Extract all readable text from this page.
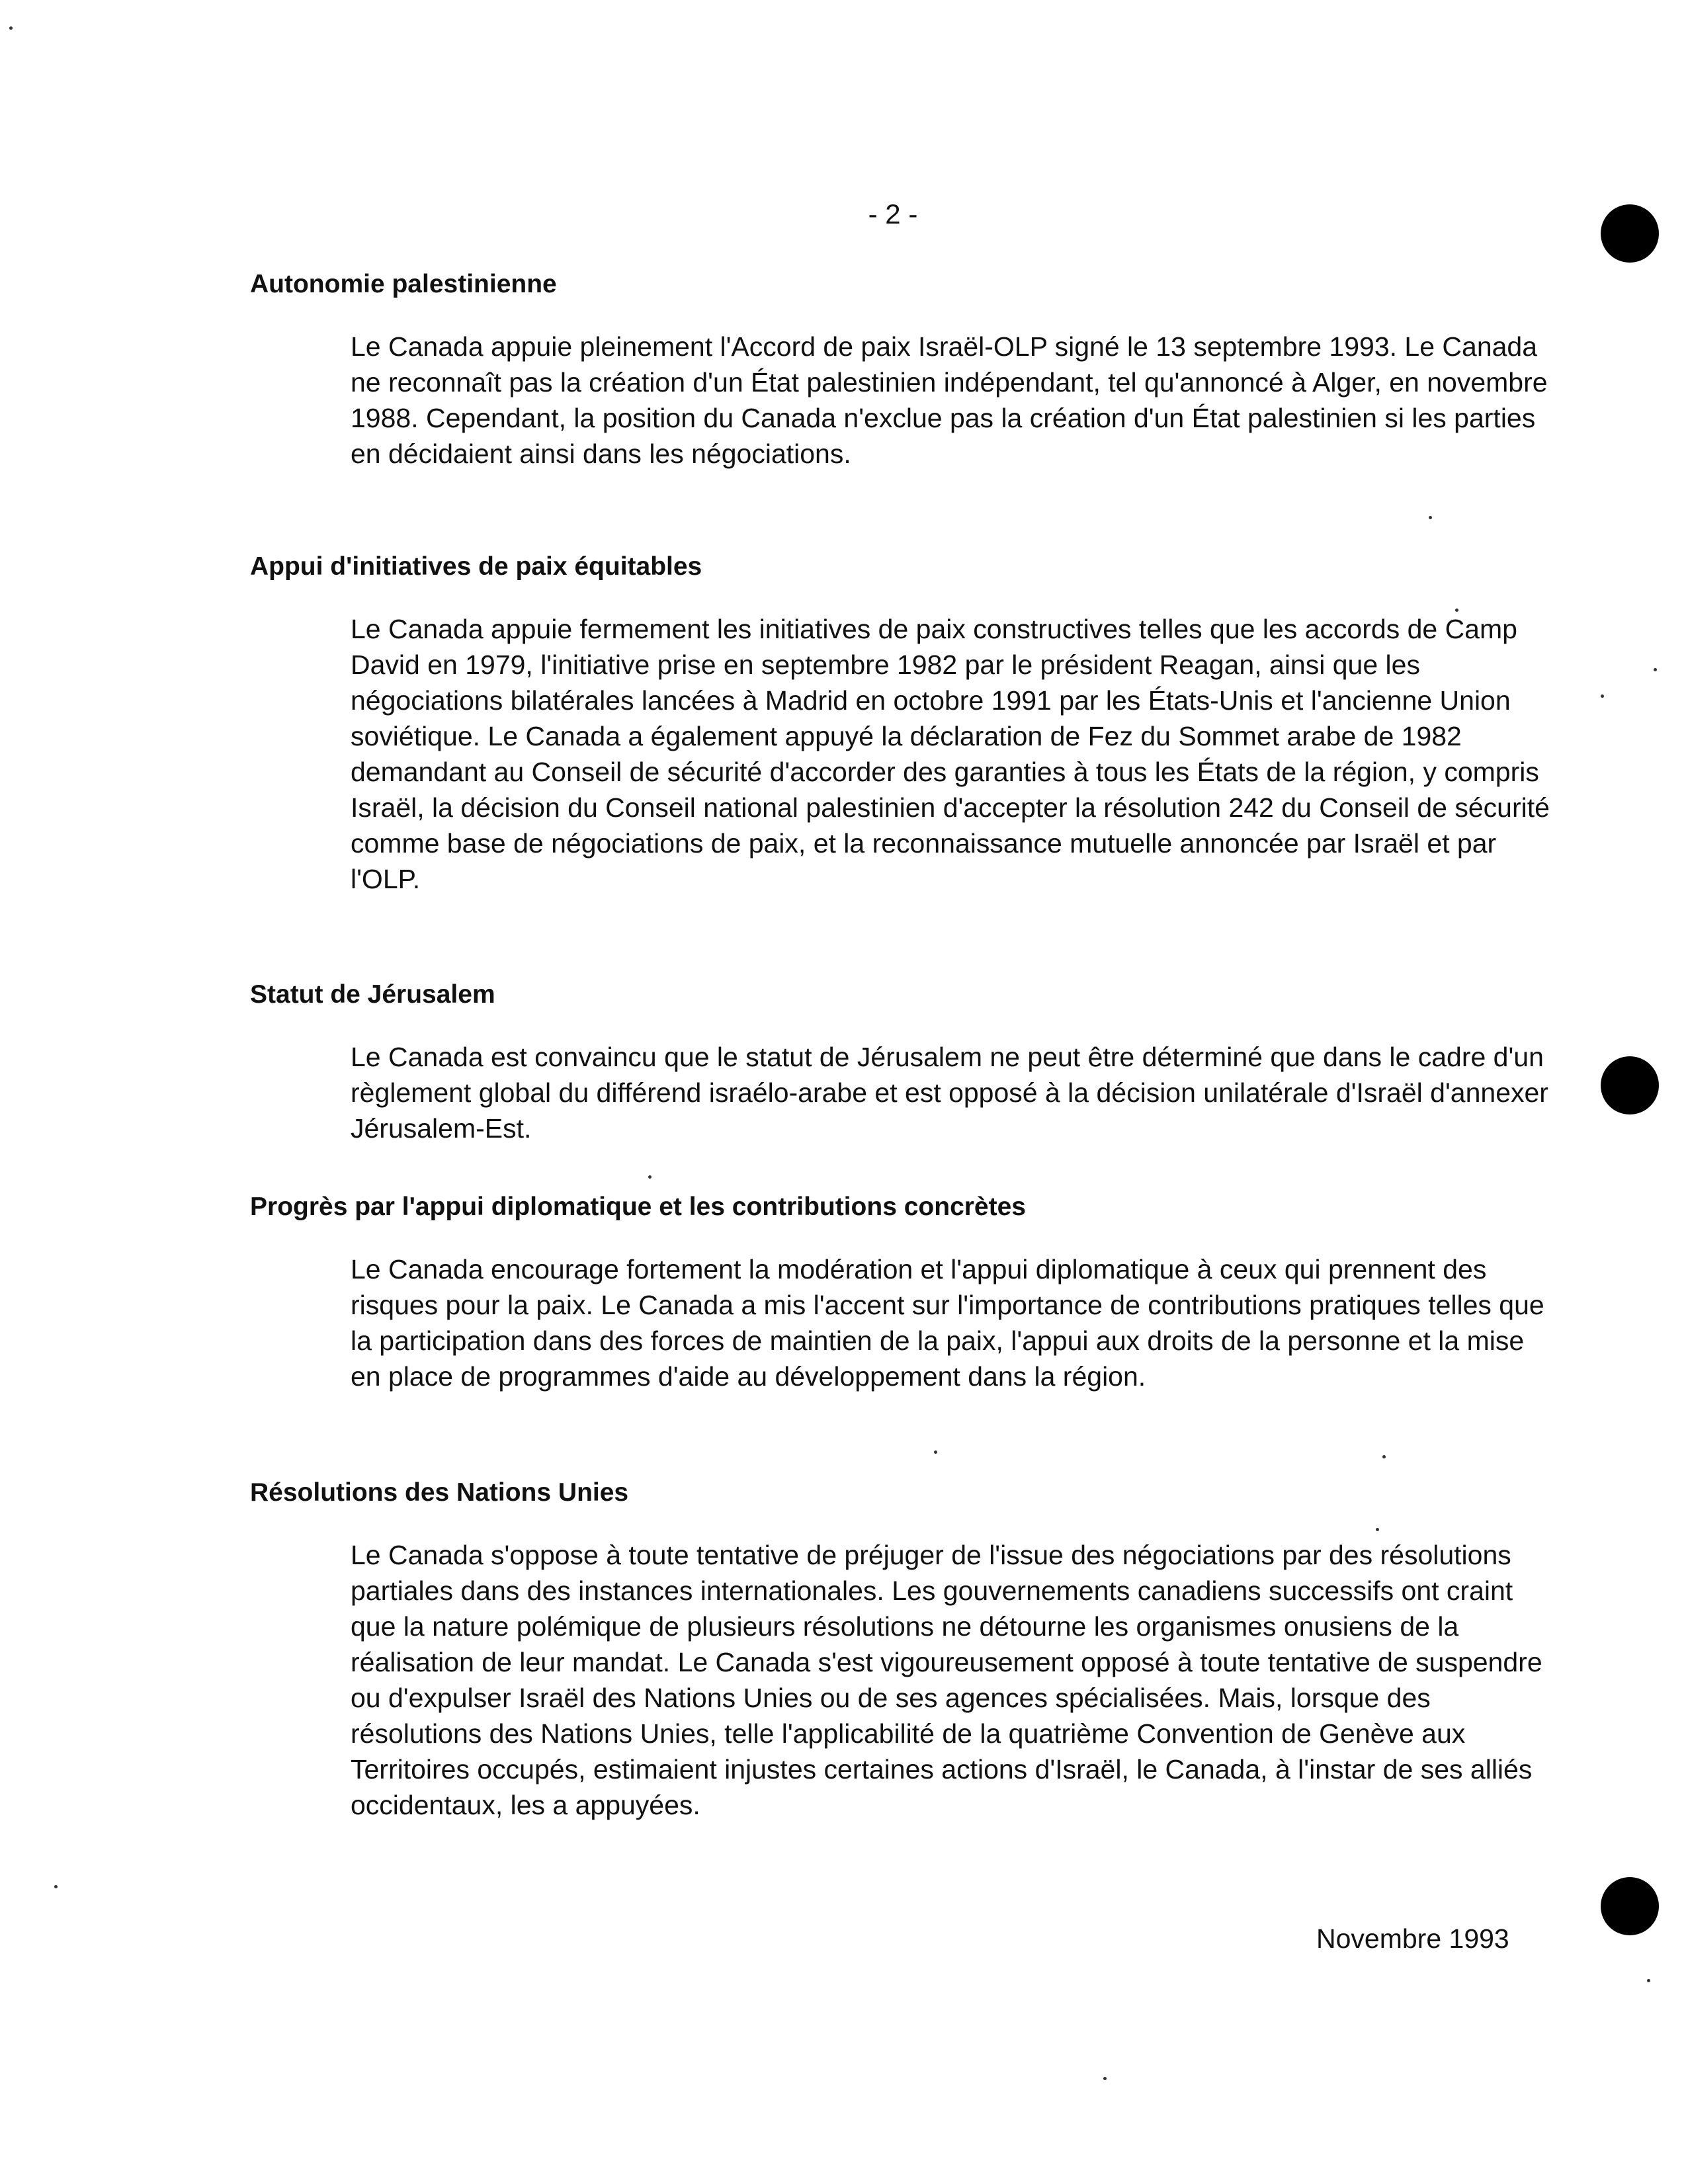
- 2 -
Autonomie palestinienne

Le Canada appuie pleinement l'Accord de paix Israël-OLP signé le 13 septembre 1993. Le Canada ne reconnaît pas la création d'un État palestinien indépendant, tel qu'annoncé à Alger, en novembre 1988. Cependant, la position du Canada n'exclue pas la création d'un État palestinien si les parties en décidaient ainsi dans les négociations.

Appui d'initiatives de paix équitables

Le Canada appuie fermement les initiatives de paix constructives telles que les accords de Camp David en 1979, l'initiative prise en septembre 1982 par le président Reagan, ainsi que les négociations bilatérales lancées à Madrid en octobre 1991 par les États-Unis et l'ancienne Union soviétique. Le Canada a également appuyé la déclaration de Fez du Sommet arabe de 1982 demandant au Conseil de sécurité d'accorder des garanties à tous les États de la région, y compris Israël, la décision du Conseil national palestinien d'accepter la résolution 242 du Conseil de sécurité comme base de négociations de paix, et la reconnaissance mutuelle annoncée par Israël et par l'OLP.

Statut de Jérusalem

Le Canada est convaincu que le statut de Jérusalem ne peut être déterminé que dans le cadre d'un règlement global du différend israélo-arabe et est opposé à la décision unilatérale d'Israël d'annexer Jérusalem-Est.

Progrès par l'appui diplomatique et les contributions concrètes

Le Canada encourage fortement la modération et l'appui diplomatique à ceux qui prennent des risques pour la paix. Le Canada a mis l'accent sur l'importance de contributions pratiques telles que la participation dans des forces de maintien de la paix, l'appui aux droits de la personne et la mise en place de programmes d'aide au développement dans la région.

Résolutions des Nations Unies

Le Canada s'oppose à toute tentative de préjuger de l'issue des négociations par des résolutions partiales dans des instances internationales. Les gouvernements canadiens successifs ont craint que la nature polémique de plusieurs résolutions ne détourne les organismes onusiens de la réalisation de leur mandat. Le Canada s'est vigoureusement opposé à toute tentative de suspendre ou d'expulser Israël des Nations Unies ou de ses agences spécialisées. Mais, lorsque des résolutions des Nations Unies, telle l'applicabilité de la quatrième Convention de Genève aux Territoires occupés, estimaient injustes certaines actions d'Israël, le Canada, à l'instar de ses alliés occidentaux, les a appuyées.

Novembre 1993
